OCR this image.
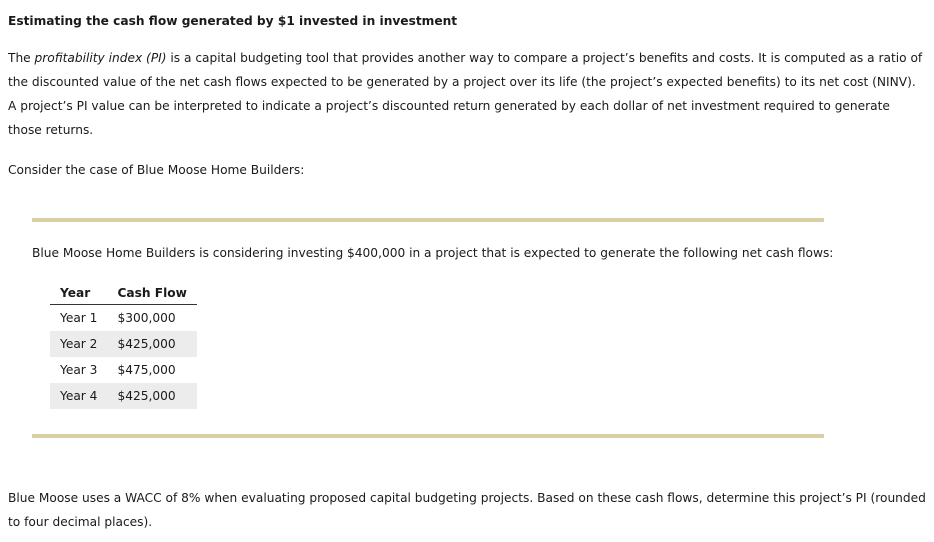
Estimating the cash flow generated by $1 invested in investment

The profitability index (PI) is a capital budgeting tool that provides another way to compare a project’s benefits and costs. It is computed as a ratio of the discounted value of the net cash flows expected to be generated by a project over its life (the project’s expected benefits) to its net cost (NINV). A project’s PI value can be interpreted to indicate a project’s discounted return generated by each dollar of net investment required to generate those returns.

Consider the case of Blue Moose Home Builders:

Blue Moose Home Builders is considering investing $400,000 in a project that is expected to generate the following net cash flows:

Year	Cash Flow
Year 1	$300,000
Year 2	$425,000
Year 3	$475,000
Year 4	$425,000

Blue Moose uses a WACC of 8% when evaluating proposed capital budgeting projects. Based on these cash flows, determine this project’s PI (rounded to four decimal places).
